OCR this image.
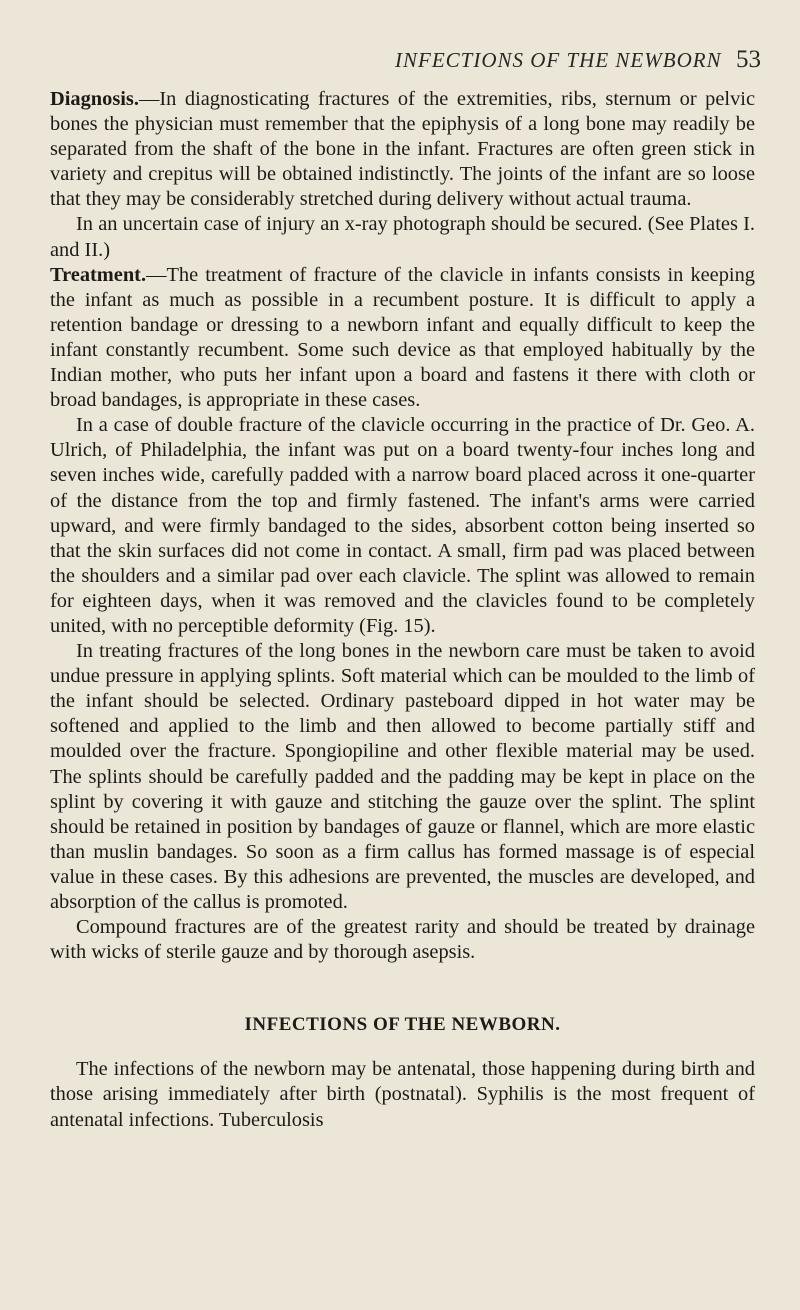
INFECTIONS OF THE NEWBORN 53

Diagnosis.—In diagnosticating fractures of the extremities, ribs, sternum or pelvic bones the physician must remember that the epiphysis of a long bone may readily be separated from the shaft of the bone in the infant. Fractures are often green stick in variety and crepitus will be obtained indistinctly. The joints of the infant are so loose that they may be considerably stretched during delivery without actual trauma.

In an uncertain case of injury an x-ray photograph should be secured. (See Plates I. and II.)

Treatment.—The treatment of fracture of the clavicle in infants consists in keeping the infant as much as possible in a recumbent posture. It is difficult to apply a retention bandage or dressing to a newborn infant and equally difficult to keep the infant constantly recumbent. Some such device as that employed habitually by the Indian mother, who puts her infant upon a board and fastens it there with cloth or broad bandages, is appropriate in these cases.

In a case of double fracture of the clavicle occurring in the practice of Dr. Geo. A. Ulrich, of Philadelphia, the infant was put on a board twenty-four inches long and seven inches wide, carefully padded with a narrow board placed across it one-quarter of the distance from the top and firmly fastened. The infant's arms were carried upward, and were firmly bandaged to the sides, absorbent cotton being inserted so that the skin surfaces did not come in contact. A small, firm pad was placed between the shoulders and a similar pad over each clavicle. The splint was allowed to remain for eighteen days, when it was removed and the clavicles found to be completely united, with no perceptible deformity (Fig. 15).

In treating fractures of the long bones in the newborn care must be taken to avoid undue pressure in applying splints. Soft material which can be moulded to the limb of the infant should be selected. Ordinary pasteboard dipped in hot water may be softened and applied to the limb and then allowed to become partially stiff and moulded over the fracture. Spongiopiline and other flexible material may be used. The splints should be carefully padded and the padding may be kept in place on the splint by covering it with gauze and stitching the gauze over the splint. The splint should be retained in position by bandages of gauze or flannel, which are more elastic than muslin bandages. So soon as a firm callus has formed massage is of especial value in these cases. By this adhesions are prevented, the muscles are developed, and absorption of the callus is promoted.

Compound fractures are of the greatest rarity and should be treated by drainage with wicks of sterile gauze and by thorough asepsis.

INFECTIONS OF THE NEWBORN.

The infections of the newborn may be antenatal, those happening during birth and those arising immediately after birth (postnatal). Syphilis is the most frequent of antenatal infections. Tuberculosis
